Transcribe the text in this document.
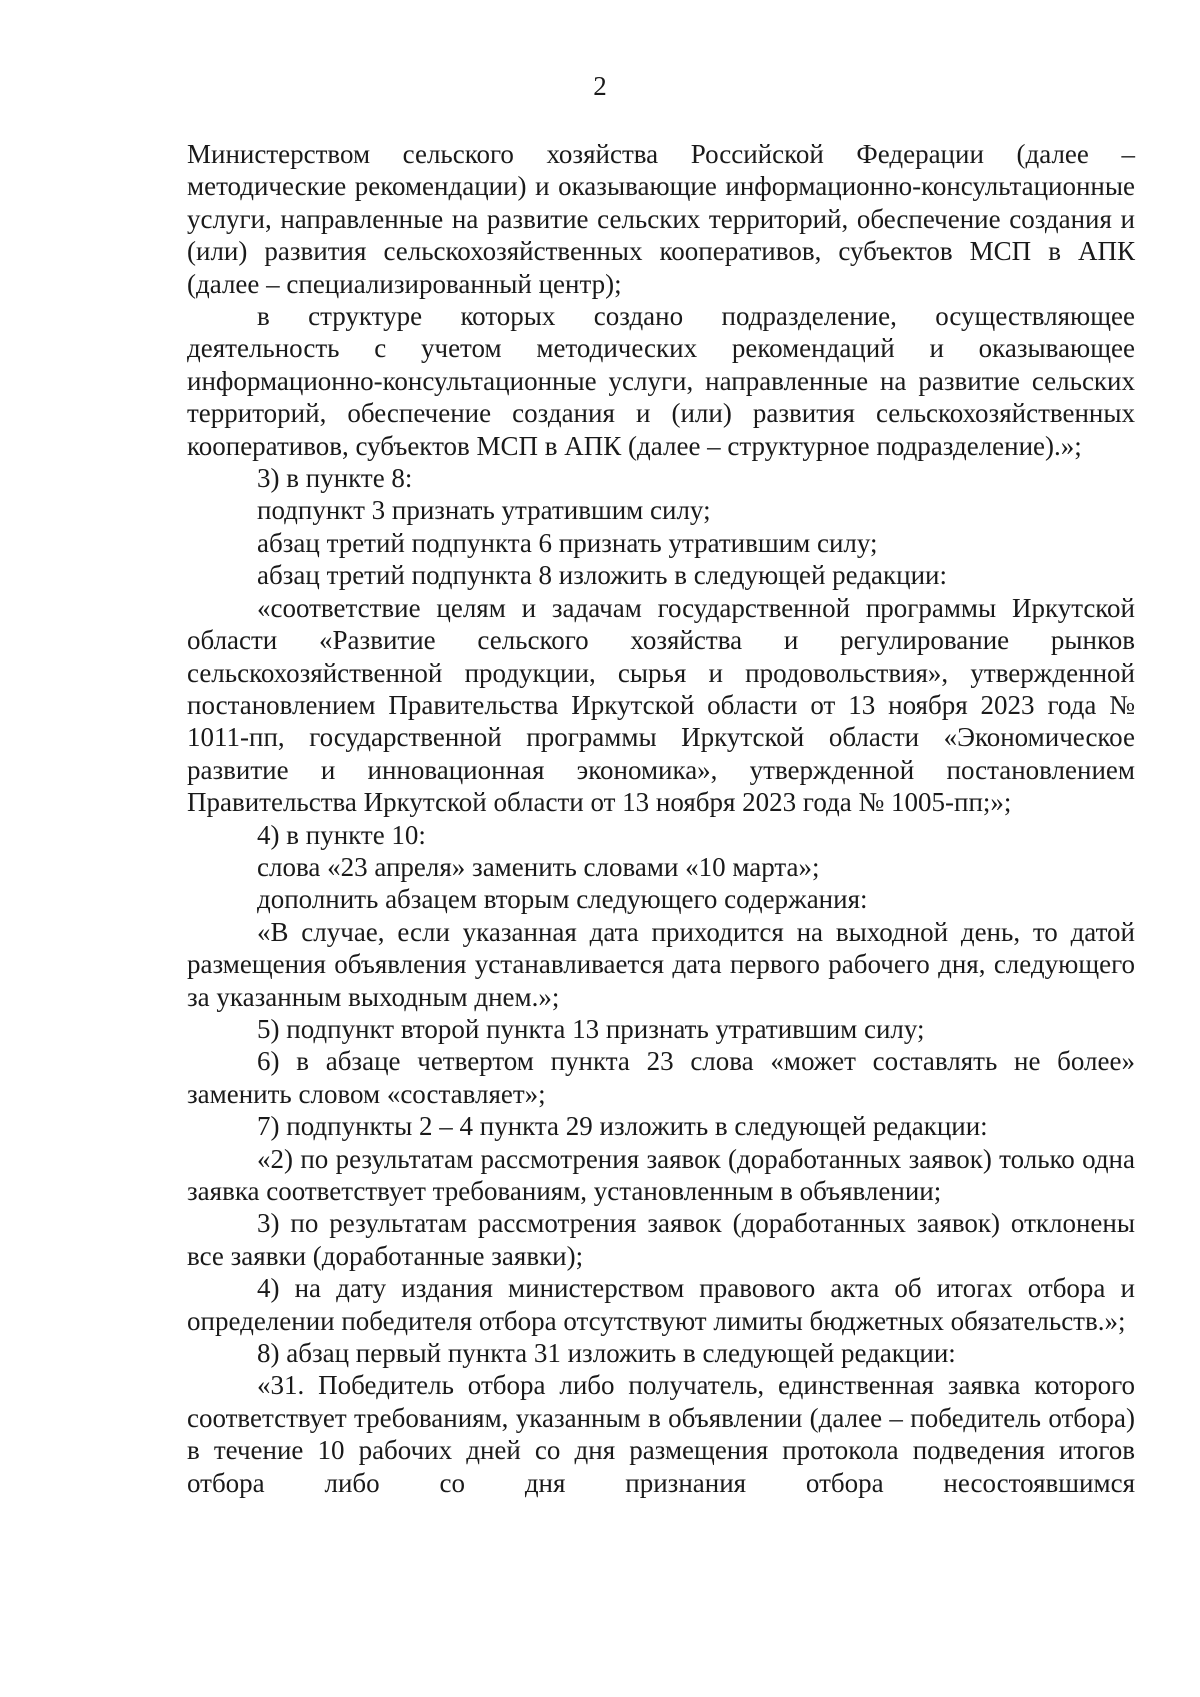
2

Министерством сельского хозяйства Российской Федерации (далее – методические рекомендации) и оказывающие информационно-консультационные услуги, направленные на развитие сельских территорий, обеспечение создания и (или) развития сельскохозяйственных кооперативов, субъектов МСП в АПК (далее – специализированный центр);

в структуре которых создано подразделение, осуществляющее деятельность с учетом методических рекомендаций и оказывающее информационно-консультационные услуги, направленные на развитие сельских территорий, обеспечение создания и (или) развития сельскохозяйственных кооперативов, субъектов МСП в АПК (далее – структурное подразделение).»;

3) в пункте 8:

подпункт 3 признать утратившим силу;

абзац третий подпункта 6 признать утратившим силу;

абзац третий подпункта 8 изложить в следующей редакции:

«соответствие целям и задачам государственной программы Иркутской области «Развитие сельского хозяйства и регулирование рынков сельскохозяйственной продукции, сырья и продовольствия», утвержденной постановлением Правительства Иркутской области от 13 ноября 2023 года № 1011-пп, государственной программы Иркутской области «Экономическое развитие и инновационная экономика», утвержденной постановлением Правительства Иркутской области от 13 ноября 2023 года № 1005-пп;»;

4) в пункте 10:

слова «23 апреля» заменить словами «10 марта»;

дополнить абзацем вторым следующего содержания:

«В случае, если указанная дата приходится на выходной день, то датой размещения объявления устанавливается дата первого рабочего дня, следующего за указанным выходным днем.»;

5) подпункт второй пункта 13 признать утратившим силу;

6) в абзаце четвертом пункта 23 слова «может составлять не более» заменить словом «составляет»;

7) подпункты 2 – 4 пункта 29 изложить в следующей редакции:

«2) по результатам рассмотрения заявок (доработанных заявок) только одна заявка соответствует требованиям, установленным в объявлении;

3) по результатам рассмотрения заявок (доработанных заявок) отклонены все заявки (доработанные заявки);

4) на дату издания министерством правового акта об итогах отбора и определении победителя отбора отсутствуют лимиты бюджетных обязательств.»;

8) абзац первый пункта 31 изложить в следующей редакции:

«31. Победитель отбора либо получатель, единственная заявка которого соответствует требованиям, указанным в объявлении (далее – победитель отбора) в течение 10 рабочих дней со дня размещения протокола подведения итогов отбора либо со дня признания отбора несостоявшимся
